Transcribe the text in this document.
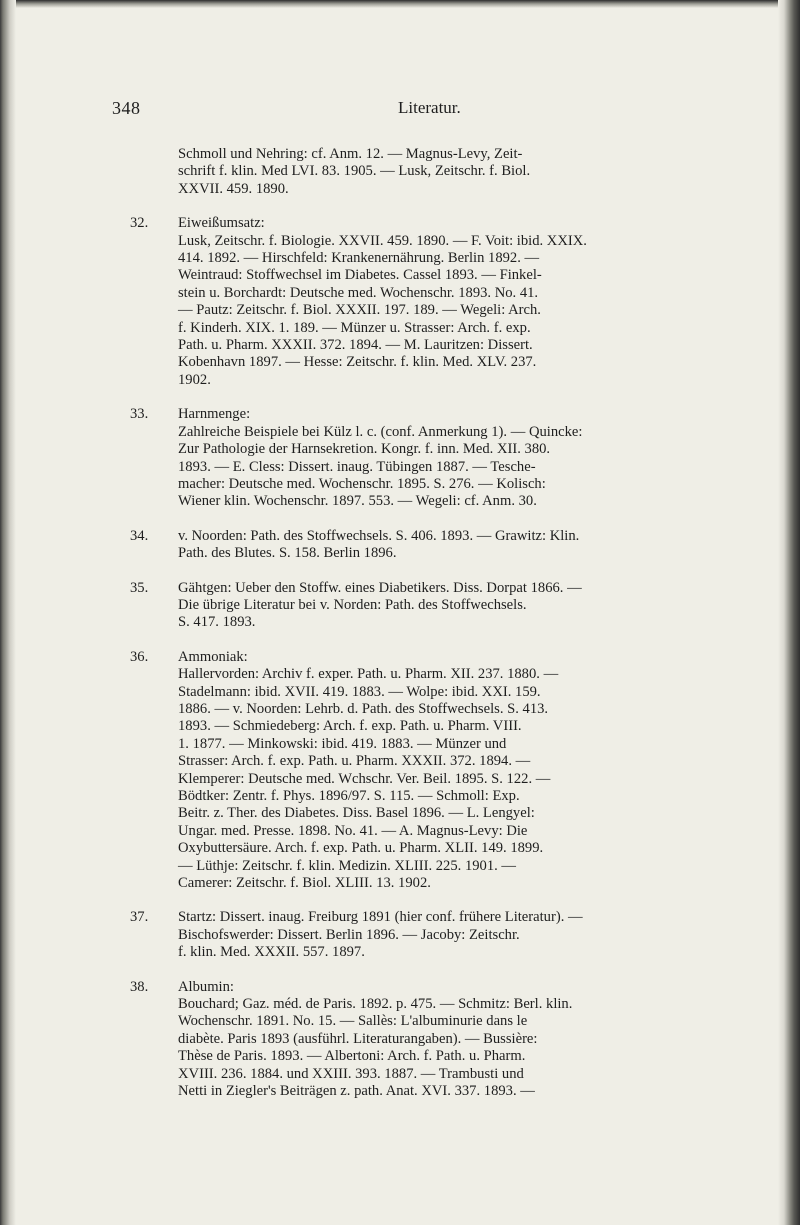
348	Literatur.
Schmoll und Nehring: cf. Anm. 12. — Magnus-Levy, Zeit-
schrift f. klin. Med LVI. 83. 1905. — Lusk, Zeitschr. f. Biol.
XXVII. 459. 1890.
32.	Eiweißumsatz:
Lusk, Zeitschr. f. Biologie. XXVII. 459. 1890. — F. Voit: ibid. XXIX.
414. 1892. — Hirschfeld: Krankenernährung. Berlin 1892. —
Weintraud: Stoffwechsel im Diabetes. Cassel 1893. — Finkel-
stein u. Borchardt: Deutsche med. Wochenschr. 1893. No. 41.
— Pautz: Zeitschr. f. Biol. XXXII. 197. 189. — Wegeli: Arch.
f. Kinderh. XIX. 1. 189. — Münzer u. Strasser: Arch. f. exp.
Path. u. Pharm. XXXII. 372. 1894. — M. Lauritzen: Dissert.
Kobenhavn 1897. — Hesse: Zeitschr. f. klin. Med. XLV. 237.
1902.
33.	Harnmenge:
Zahlreiche Beispiele bei Külz l. c. (conf. Anmerkung 1). — Quincke:
Zur Pathologie der Harnsekretion. Kongr. f. inn. Med. XII. 380.
1893. — E. Cless: Dissert. inaug. Tübingen 1887. — Tesche-
macher: Deutsche med. Wochenschr. 1895. S. 276. — Kolisch:
Wiener klin. Wochenschr. 1897. 553. — Wegeli: cf. Anm. 30.
34.	v. Noorden: Path. des Stoffwechsels. S. 406. 1893. — Grawitz: Klin.
Path. des Blutes. S. 158. Berlin 1896.
35.	Gähtgen: Ueber den Stoffw. eines Diabetikers. Diss. Dorpat 1866. —
Die übrige Literatur bei v. Norden: Path. des Stoffwechsels.
S. 417. 1893.
36.	Ammoniak:
Hallervorden: Archiv f. exper. Path. u. Pharm. XII. 237. 1880. —
Stadelmann: ibid. XVII. 419. 1883. — Wolpe: ibid. XXI. 159.
1886. — v. Noorden: Lehrb. d. Path. des Stoffwechsels. S. 413.
1893. — Schmiedeberg: Arch. f. exp. Path. u. Pharm. VIII.
1. 1877. — Minkowski: ibid. 419. 1883. — Münzer und
Strasser: Arch. f. exp. Path. u. Pharm. XXXII. 372. 1894. —
Klemperer: Deutsche med. Wchschr. Ver. Beil. 1895. S. 122. —
Bödtker: Zentr. f. Phys. 1896/97. S. 115. — Schmoll: Exp.
Beitr. z. Ther. des Diabetes. Diss. Basel 1896. — L. Lengyel:
Ungar. med. Presse. 1898. No. 41. — A. Magnus-Levy: Die
Oxybuttersäure. Arch. f. exp. Path. u. Pharm. XLII. 149. 1899.
— Lüthje: Zeitschr. f. klin. Medizin. XLIII. 225. 1901. —
Camerer: Zeitschr. f. Biol. XLIII. 13. 1902.
37.	Startz: Dissert. inaug. Freiburg 1891 (hier conf. frühere Literatur). —
Bischofswerder: Dissert. Berlin 1896. — Jacoby: Zeitschr.
f. klin. Med. XXXII. 557. 1897.
38.	Albumin:
Bouchard; Gaz. méd. de Paris. 1892. p. 475. — Schmitz: Berl. klin.
Wochenschr. 1891. No. 15. — Sallès: L'albuminurie dans le
diabète. Paris 1893 (ausführl. Literaturangaben). — Bussière:
Thèse de Paris. 1893. — Albertoni: Arch. f. Path. u. Pharm.
XVIII. 236. 1884. und XXIII. 393. 1887. — Trambusti und
Netti in Ziegler's Beiträgen z. path. Anat. XVI. 337. 1893. —
